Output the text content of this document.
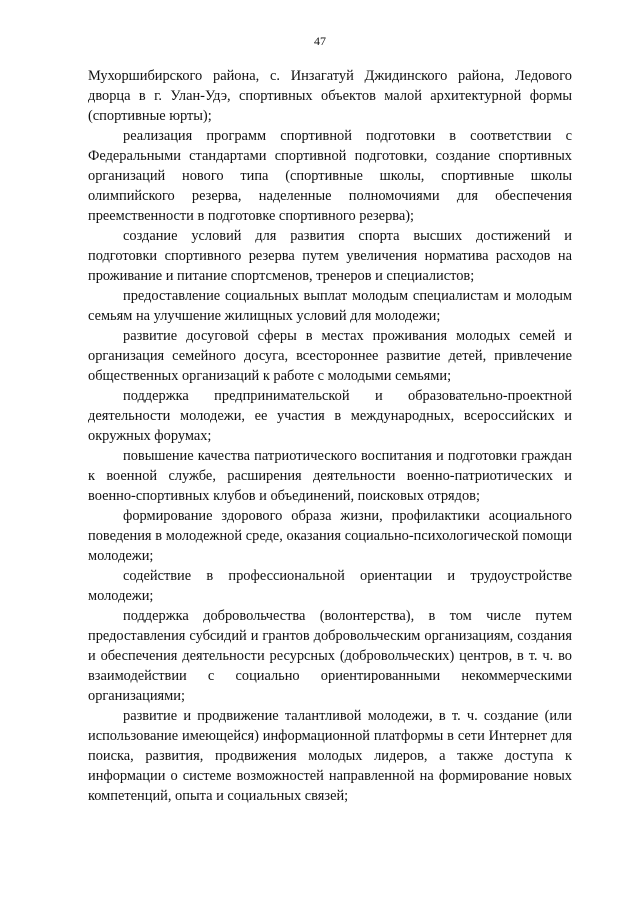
47

Мухоршибирского района, с. Инзагатуй Джидинского района, Ледового дворца в г. Улан-Удэ, спортивных объектов малой архитектурной формы (спортивные юрты);

реализация программ спортивной подготовки в соответствии с Федеральными стандартами спортивной подготовки, создание спортивных организаций нового типа (спортивные школы, спортивные школы олимпийского резерва, наделенные полномочиями для обеспечения преемственности в подготовке спортивного резерва);

создание условий для развития спорта высших достижений и подготовки спортивного резерва путем увеличения норматива расходов на проживание и питание спортсменов, тренеров и специалистов;

предоставление социальных выплат молодым специалистам и молодым семьям на улучшение жилищных условий для молодежи;

развитие досуговой сферы в местах проживания молодых семей и организация семейного досуга, всестороннее развитие детей, привлечение общественных организаций к работе с молодыми семьями;

поддержка предпринимательской и образовательно-проектной деятельности молодежи, ее участия в международных, всероссийских и окружных форумах;

повышение качества патриотического воспитания и подготовки граждан к военной службе, расширения деятельности военно-патриотических и военно-спортивных клубов и объединений, поисковых отрядов;

формирование здорового образа жизни, профилактики асоциального поведения в молодежной среде, оказания социально-психологической помощи молодежи;

содействие в профессиональной ориентации и трудоустройстве молодежи;

поддержка добровольчества (волонтерства), в том числе путем предоставления субсидий и грантов добровольческим организациям, создания и обеспечения деятельности ресурсных (добровольческих) центров, в т. ч. во взаимодействии с социально ориентированными некоммерческими организациями;

развитие и продвижение талантливой молодежи, в т. ч. создание (или использование имеющейся) информационной платформы в сети Интернет для поиска, развития, продвижения молодых лидеров, а также доступа к информации о системе возможностей направленной на формирование новых компетенций, опыта и социальных связей;
